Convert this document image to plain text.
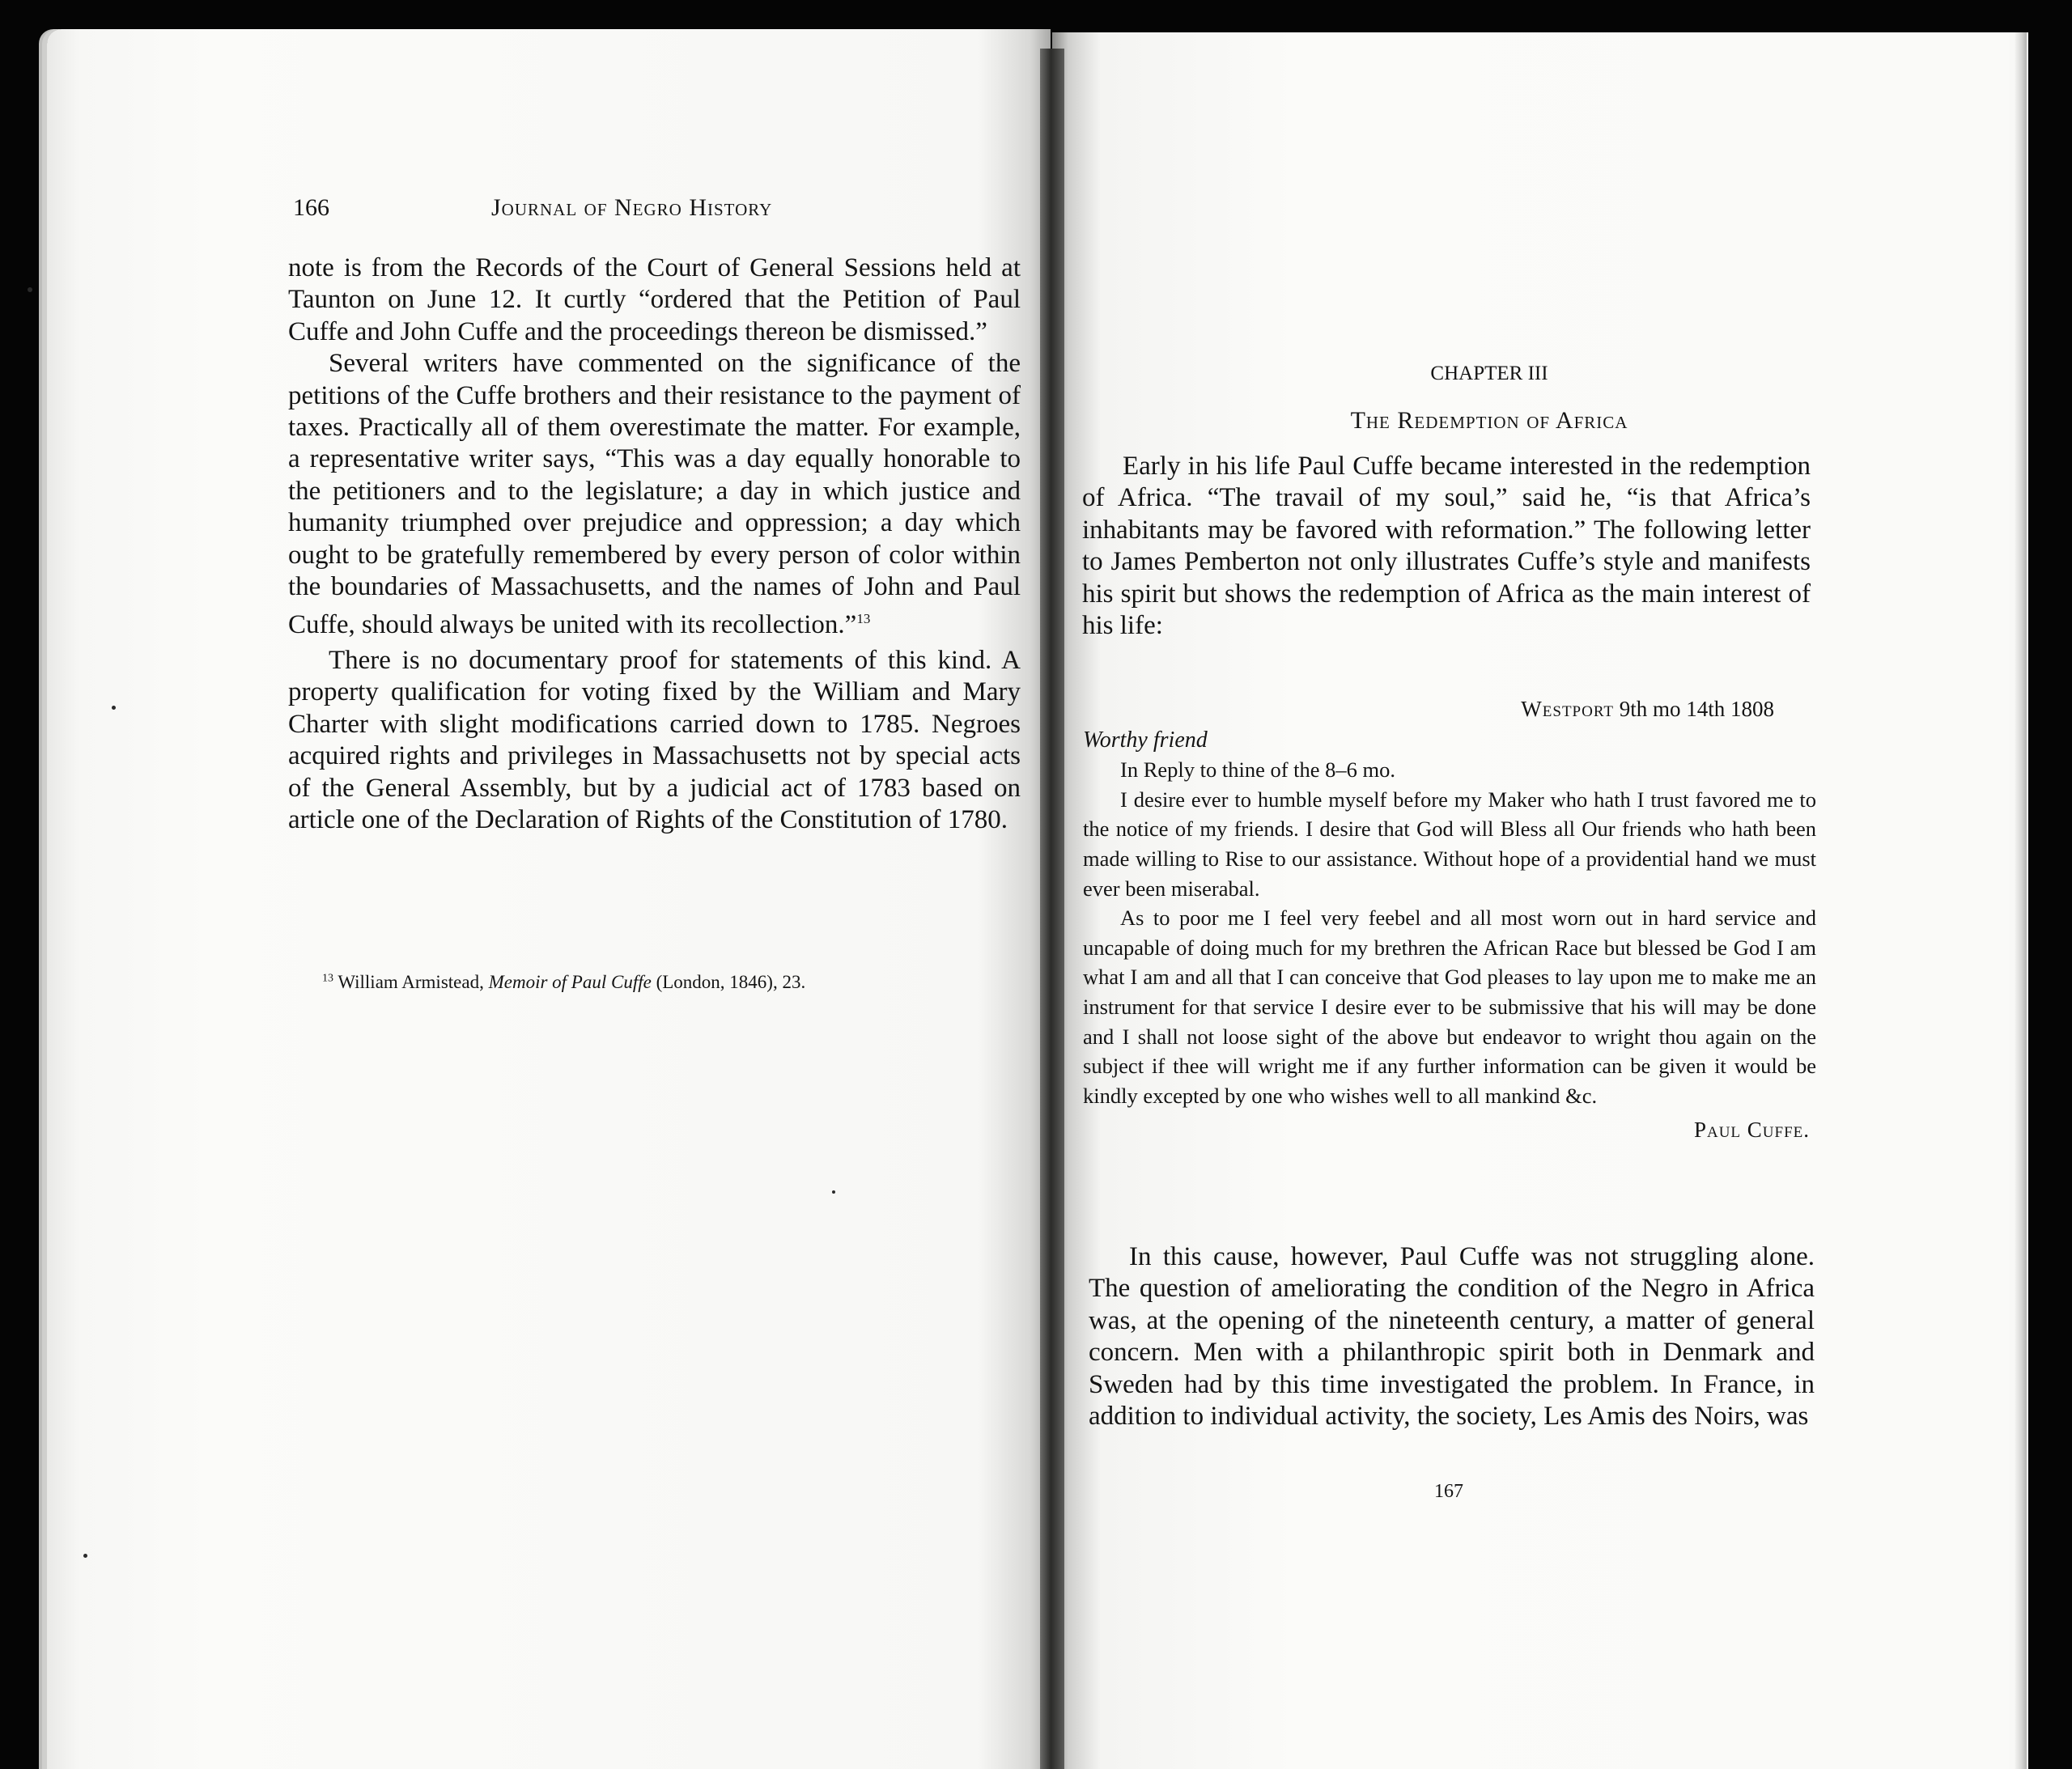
166	Journal of Negro History

note is from the Records of the Court of General Sessions held at Taunton on June 12. It curtly “ordered that the Petition of Paul Cuffe and John Cuffe and the proceedings thereon be dismissed.”

Several writers have commented on the significance of the petitions of the Cuffe brothers and their resistance to the payment of taxes. Practically all of them overestimate the matter. For example, a representative writer says, “This was a day equally honorable to the petitioners and to the legislature; a day in which justice and humanity triumphed over prejudice and oppression; a day which ought to be gratefully remembered by every person of color within the boundaries of Massachusetts, and the names of John and Paul Cuffe, should always be united with its recollection.”$^{13}$

There is no documentary proof for statements of this kind. A property qualification for voting fixed by the William and Mary Charter with slight modifications carried down to 1785. Negroes acquired rights and privileges in Massachusetts not by special acts of the General Assembly, but by a judicial act of 1783 based on article one of the Declaration of Rights of the Constitution of 1780.

$^{13}$ William Armistead, Memoir of Paul Cuffe (London, 1846), 23.
CHAPTER III
The Redemption of Africa

Early in his life Paul Cuffe became interested in the redemption of Africa. “The travail of my soul,” said he, “is that Africa’s inhabitants may be favored with reformation.” The following letter to James Pemberton not only illustrates Cuffe’s style and manifests his spirit but shows the redemption of Africa as the main interest of his life:

Westport 9th mo 14th 1808

Worthy friend

In Reply to thine of the 8–6 mo.

I desire ever to humble myself before my Maker who hath I trust favored me to the notice of my friends. I desire that God will Bless all Our friends who hath been made willing to Rise to our assistance. Without hope of a providential hand we must ever been miserabal.

As to poor me I feel very feebel and all most worn out in hard service and uncapable of doing much for my brethren the African Race but blessed be God I am what I am and all that I can conceive that God pleases to lay upon me to make me an instrument for that service I desire ever to be submissive that his will may be done and I shall not loose sight of the above but endeavor to wright thou again on the subject if thee will wright me if any further information can be given it would be kindly excepted by one who wishes well to all mankind &c.

Paul Cuffe.

In this cause, however, Paul Cuffe was not struggling alone. The question of ameliorating the condition of the Negro in Africa was, at the opening of the nineteenth century, a matter of general concern. Men with a philanthropic spirit both in Denmark and Sweden had by this time investigated the problem. In France, in addition to individual activity, the society, Les Amis des Noirs, was

167
